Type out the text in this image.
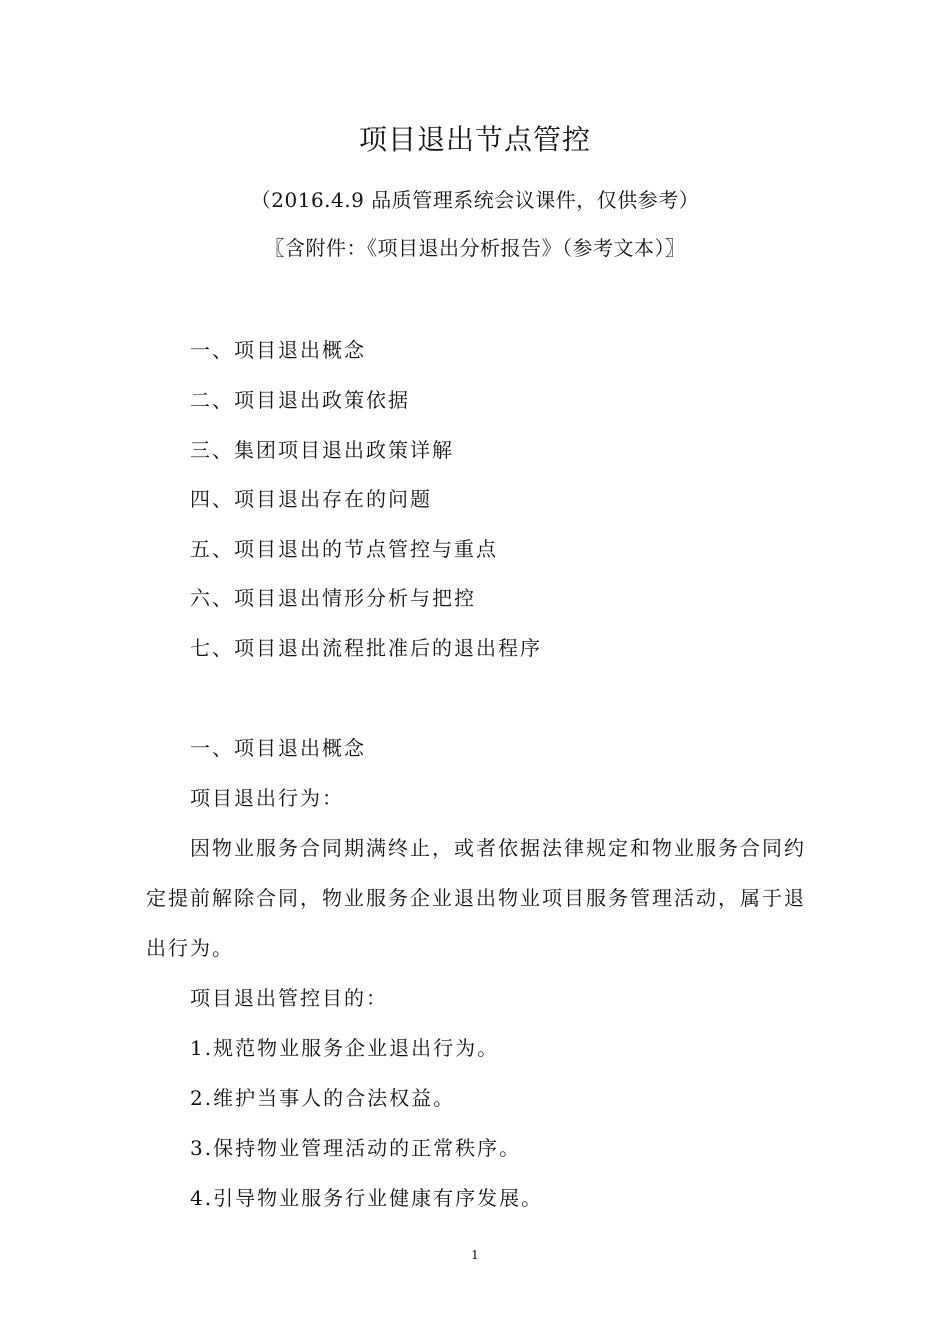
项目退出节点管控
（2016.4.9 品质管理系统会议课件，仅供参考）
〖含附件：《项目退出分析报告》（参考文本）〗
一、项目退出概念
二、项目退出政策依据
三、集团项目退出政策详解
四、项目退出存在的问题
五、项目退出的节点管控与重点
六、项目退出情形分析与把控
七、项目退出流程批准后的退出程序
一、项目退出概念
项目退出行为：
因物业服务合同期满终止，或者依据法律规定和物业服务合同约
定提前解除合同，物业服务企业退出物业项目服务管理活动，属于退
出行为。
项目退出管控目的：
1.规范物业服务企业退出行为。
2.维护当事人的合法权益。
3.保持物业管理活动的正常秩序。
4.引导物业服务行业健康有序发展。
1
